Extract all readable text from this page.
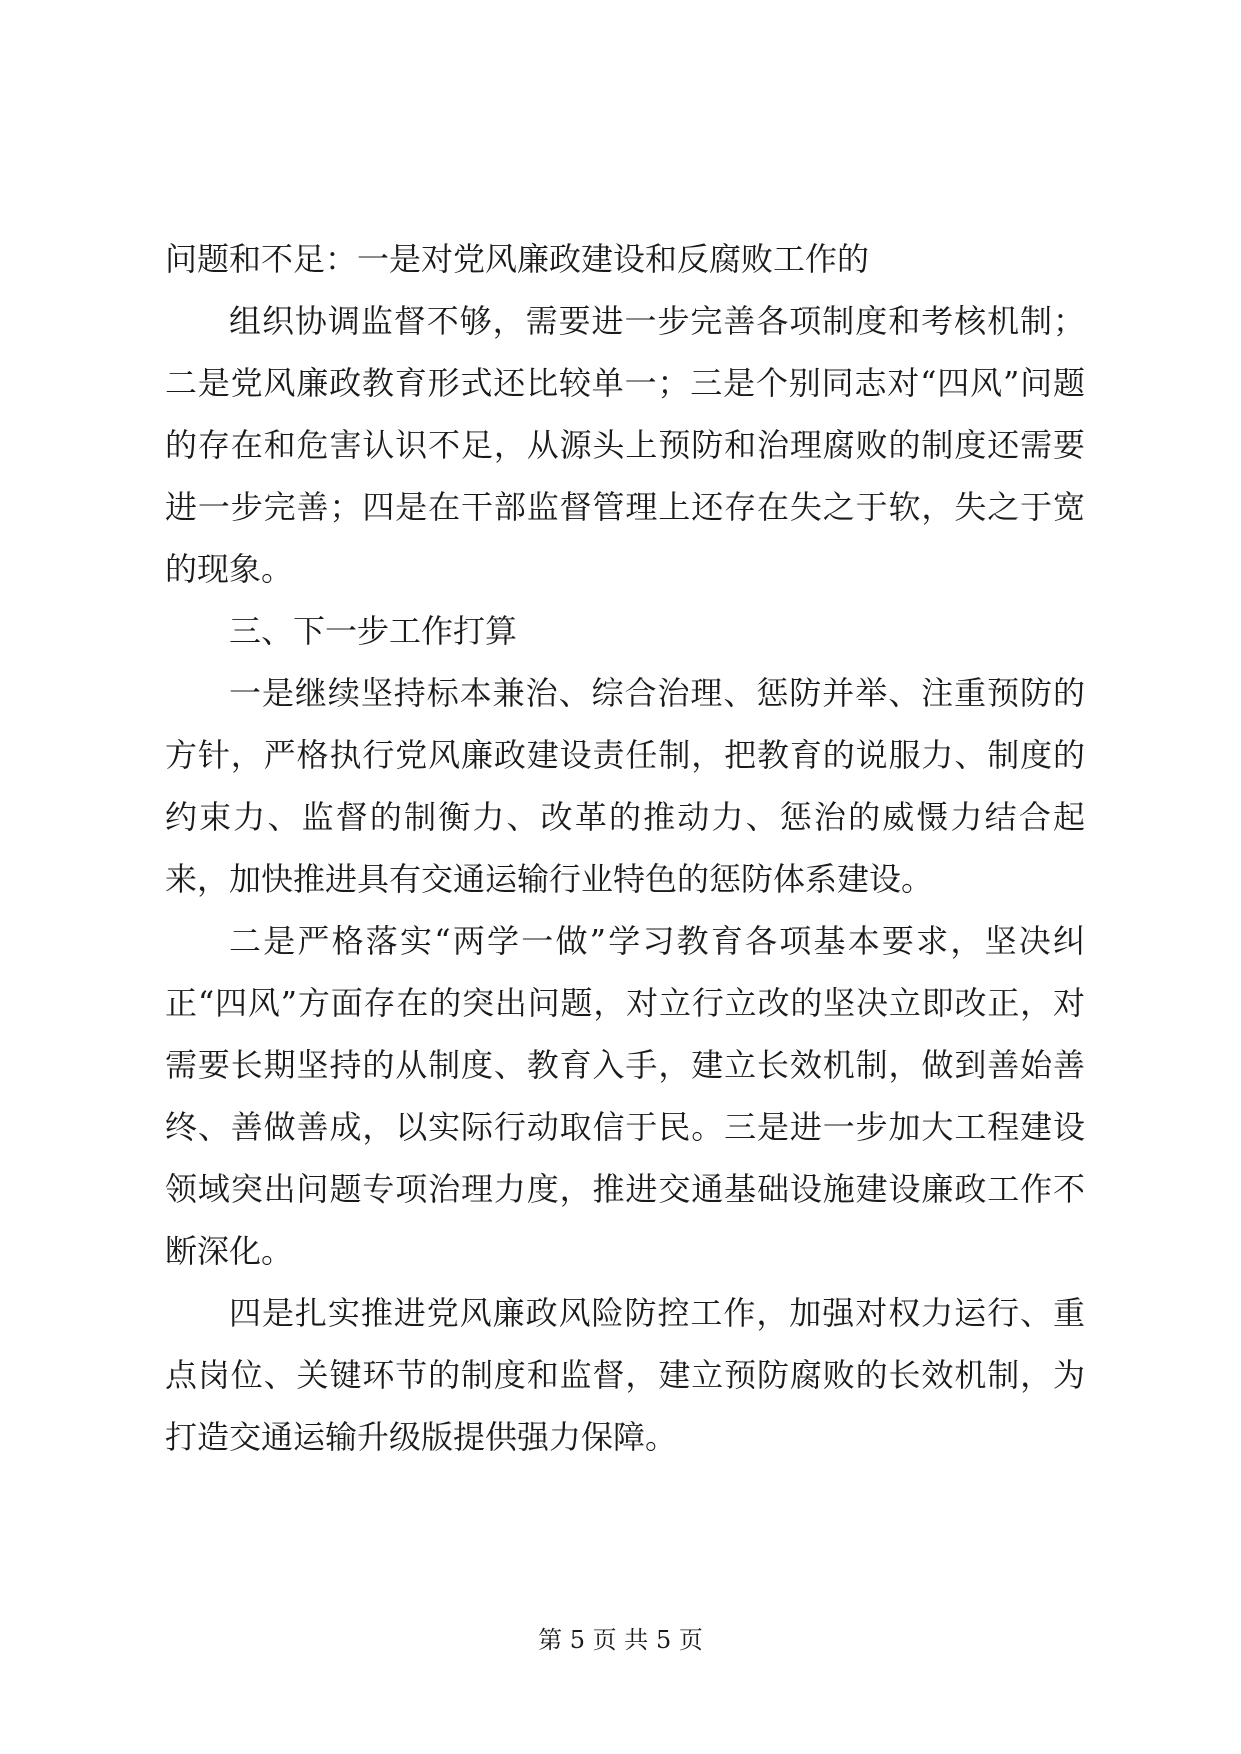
问题和不足：一是对党风廉政建设和反腐败工作的

组织协调监督不够，需要进一步完善各项制度和考核机制；二是党风廉政教育形式还比较单一；三是个别同志对“四风”问题的存在和危害认识不足，从源头上预防和治理腐败的制度还需要进一步完善；四是在干部监督管理上还存在失之于软，失之于宽的现象。

三、下一步工作打算

一是继续坚持标本兼治、综合治理、惩防并举、注重预防的方针，严格执行党风廉政建设责任制，把教育的说服力、制度的约束力、监督的制衡力、改革的推动力、惩治的威慑力结合起来，加快推进具有交通运输行业特色的惩防体系建设。

二是严格落实“两学一做”学习教育各项基本要求，坚决纠正“四风”方面存在的突出问题，对立行立改的坚决立即改正，对需要长期坚持的从制度、教育入手，建立长效机制，做到善始善终、善做善成，以实际行动取信于民。三是进一步加大工程建设领域突出问题专项治理力度，推进交通基础设施建设廉政工作不断深化。

四是扎实推进党风廉政风险防控工作，加强对权力运行、重点岗位、关键环节的制度和监督，建立预防腐败的长效机制，为打造交通运输升级版提供强力保障。

第 5 页 共 5 页
